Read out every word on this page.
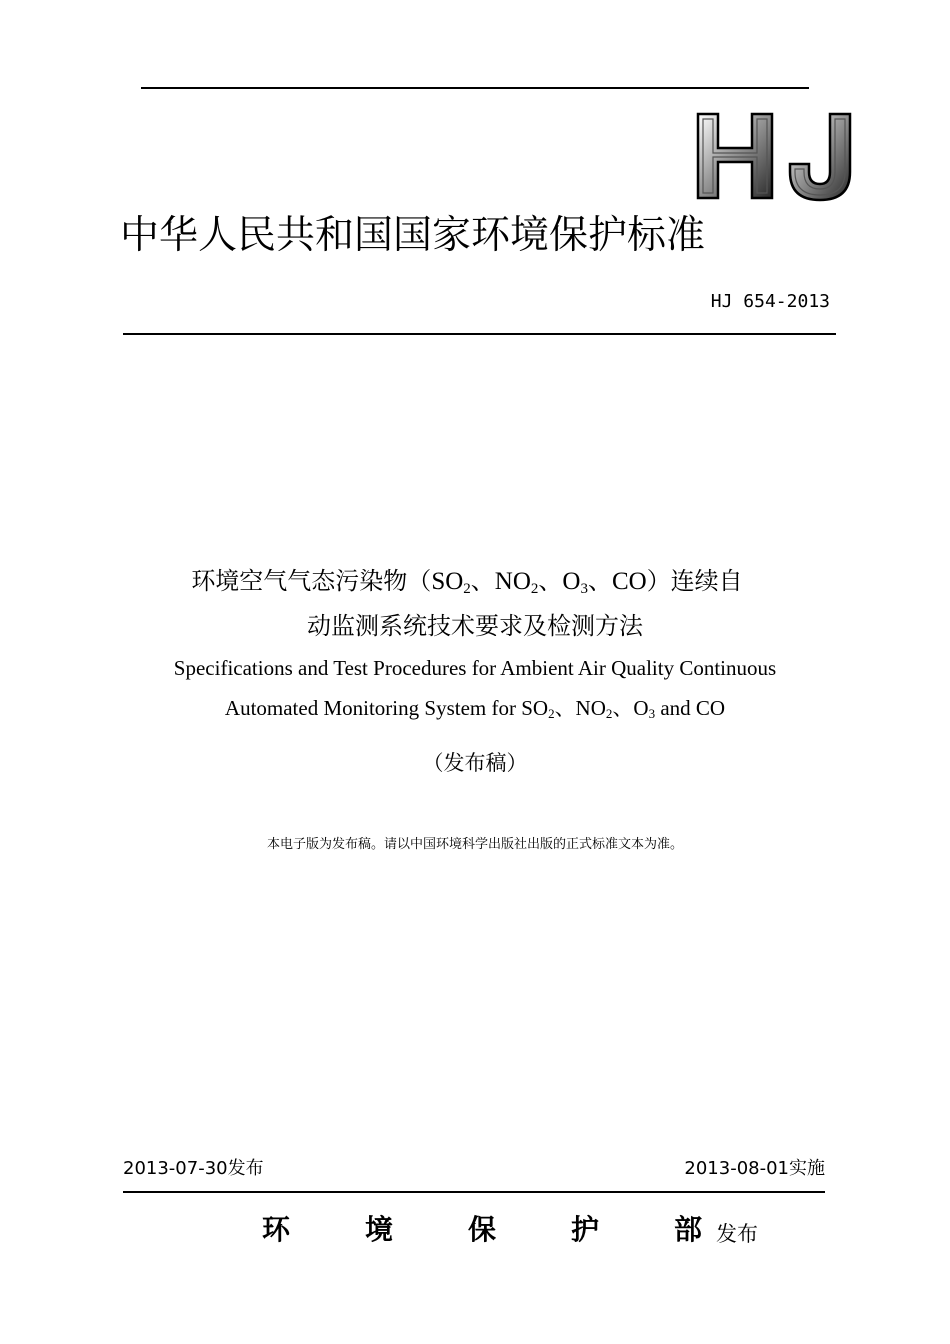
中华人民共和国国家环境保护标准
HJ 654-2013
环境空气气态污染物（$SO_2$、$NO_2$、$O_3$、CO）连续自
动监测系统技术要求及检测方法
Specifications and Test Procedures for Ambient Air Quality Continuous
Automated Monitoring System for $SO_2$、$NO_2$、$O_3$ and CO
（发布稿）
本电子版为发布稿。请以中国环境科学出版社出版的正式标准文本为准。
2013-07-30发布	2013-08-01实施
环	境	保	护	部 发布
